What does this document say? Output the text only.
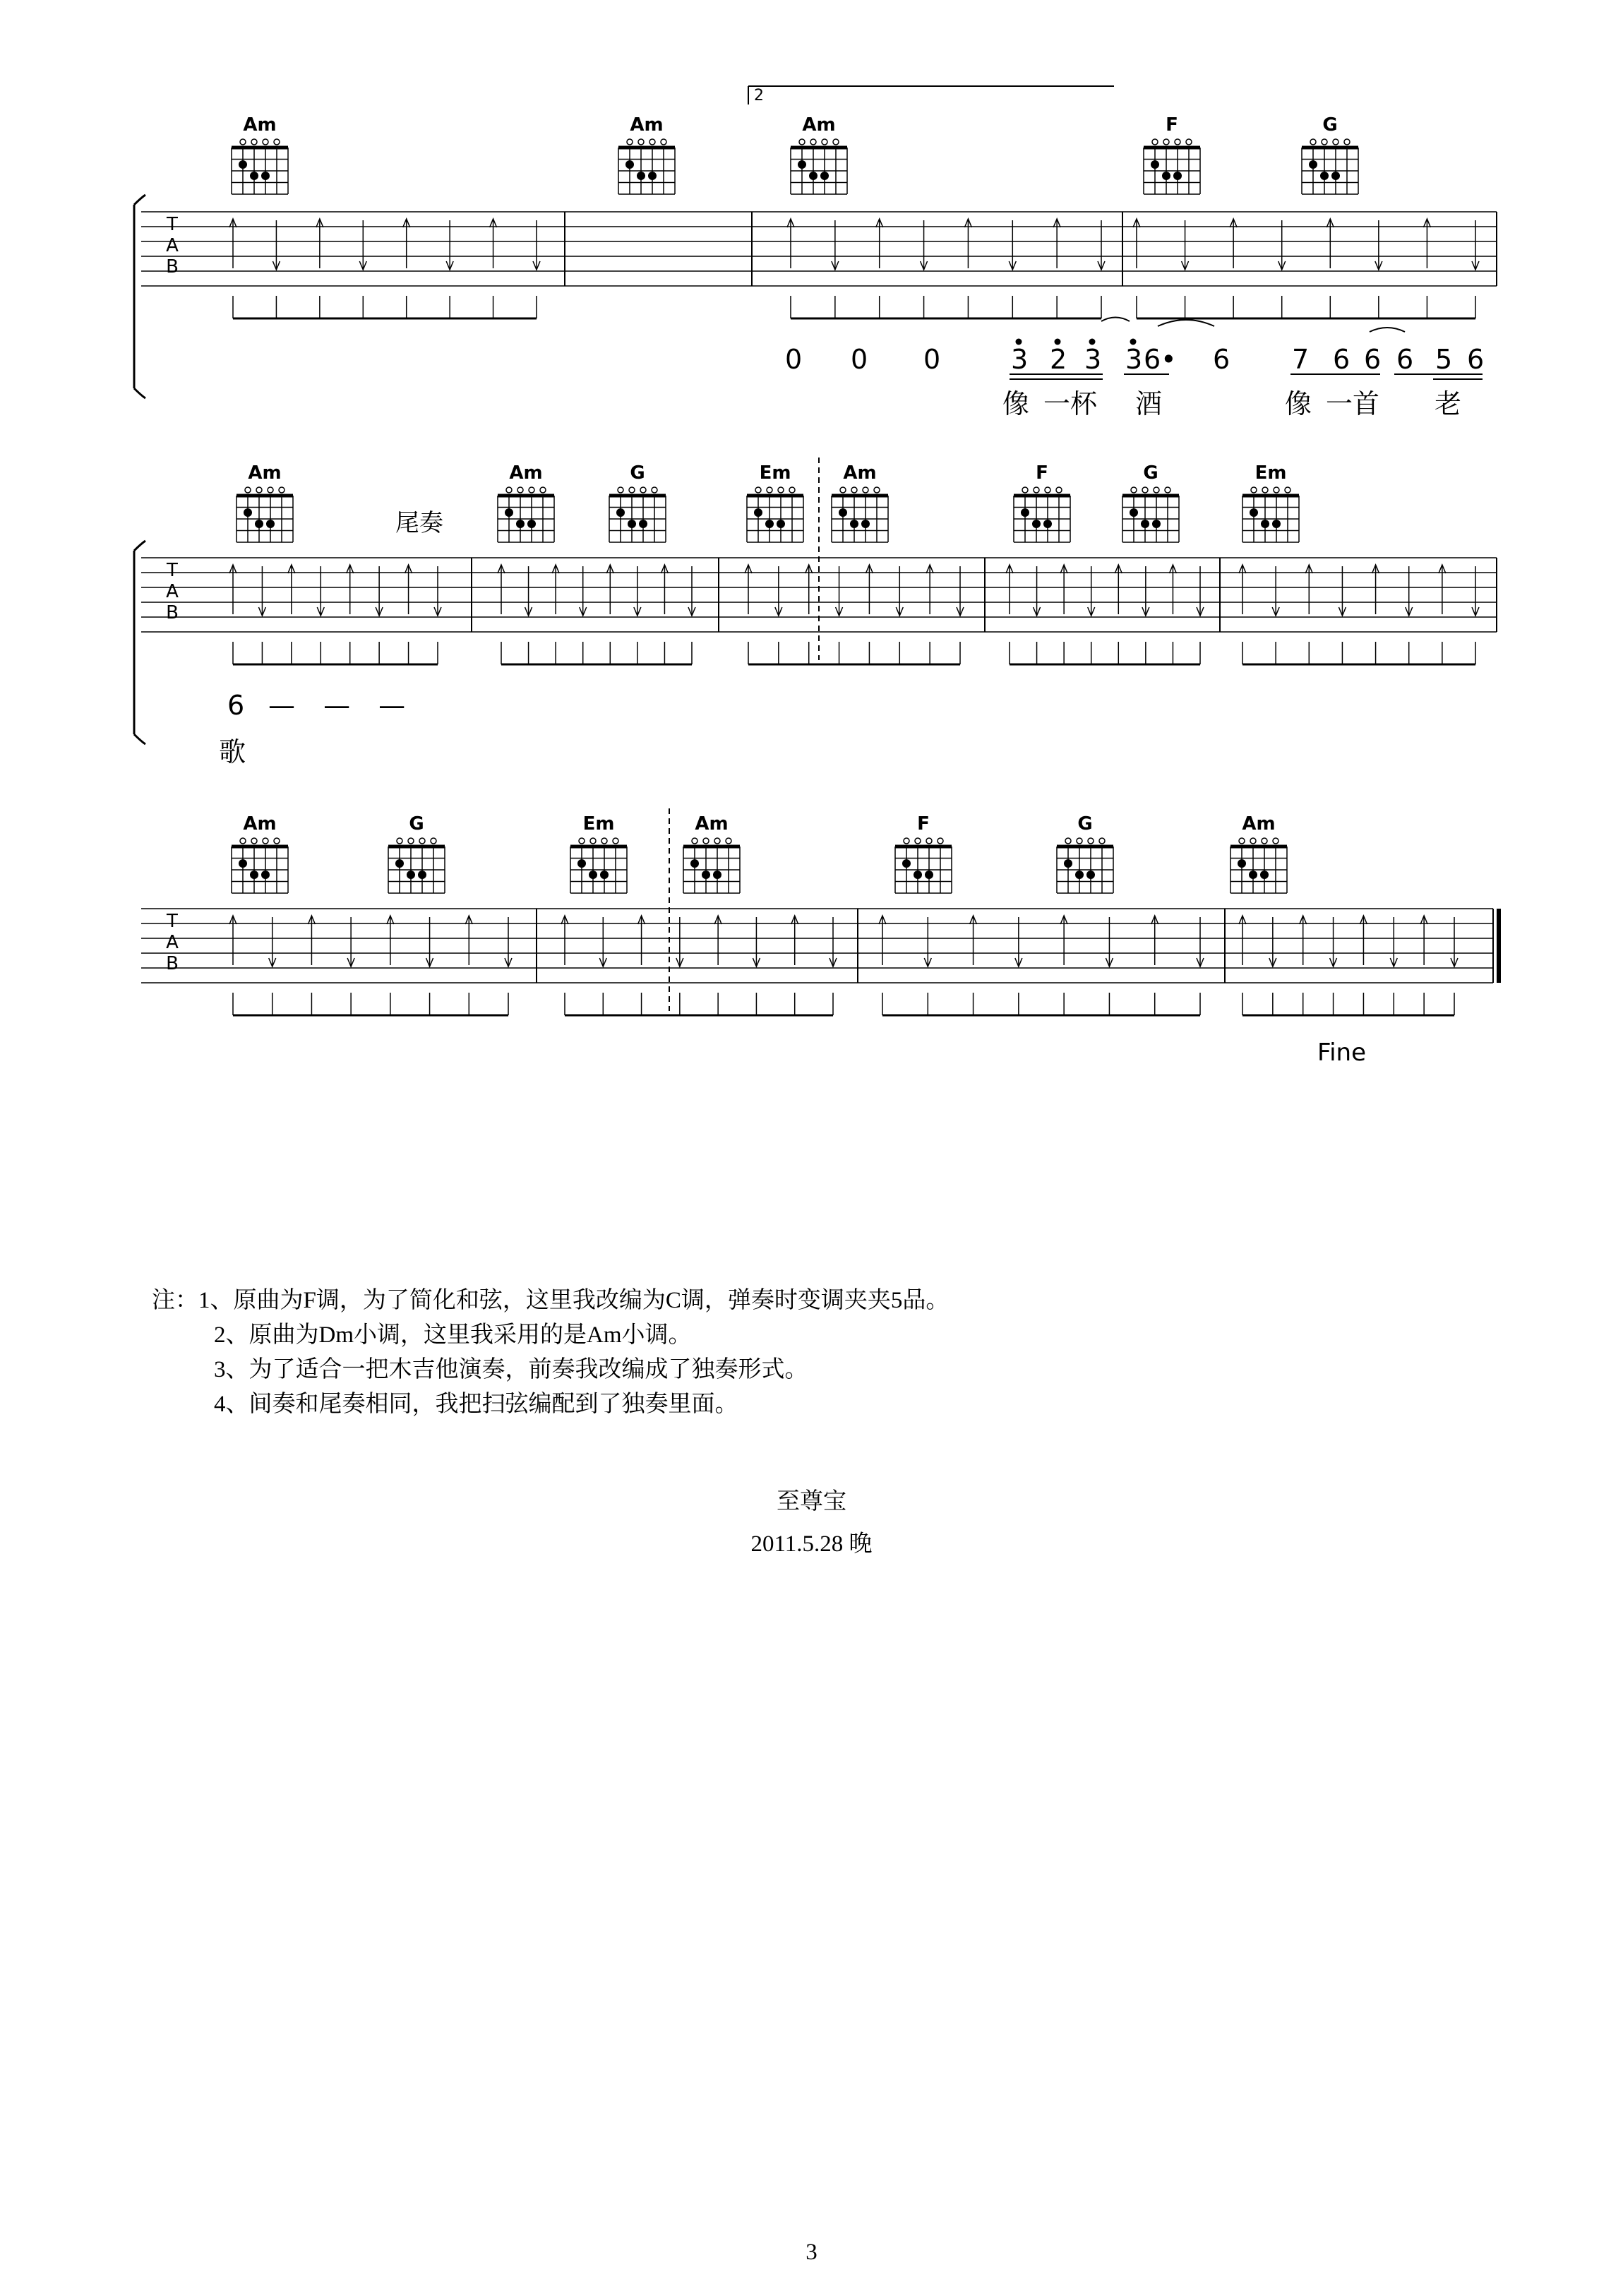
2
T
A
B
Am	Am	Am	F	G
T
A
B
Am	Am	G	Em	Am	F	G	Em
T
A
B
Am	G	Em	Am	F	G	Am
0 0 0	3 2 3 3 6• 6 7 6 6 6 5 6
像 一杯 酒	像 一首 老
尾奏
6 — — —
歌
Fine
注：1、原曲为F调，为了简化和弦，这里我改编为C调，弹奏时变调夹夹5品。
2、原曲为Dm小调，这里我采用的是Am小调。
3、为了适合一把木吉他演奏，前奏我改编成了独奏形式。
4、间奏和尾奏相同，我把扫弦编配到了独奏里面。
至尊宝
2011.5.28 晚
3
